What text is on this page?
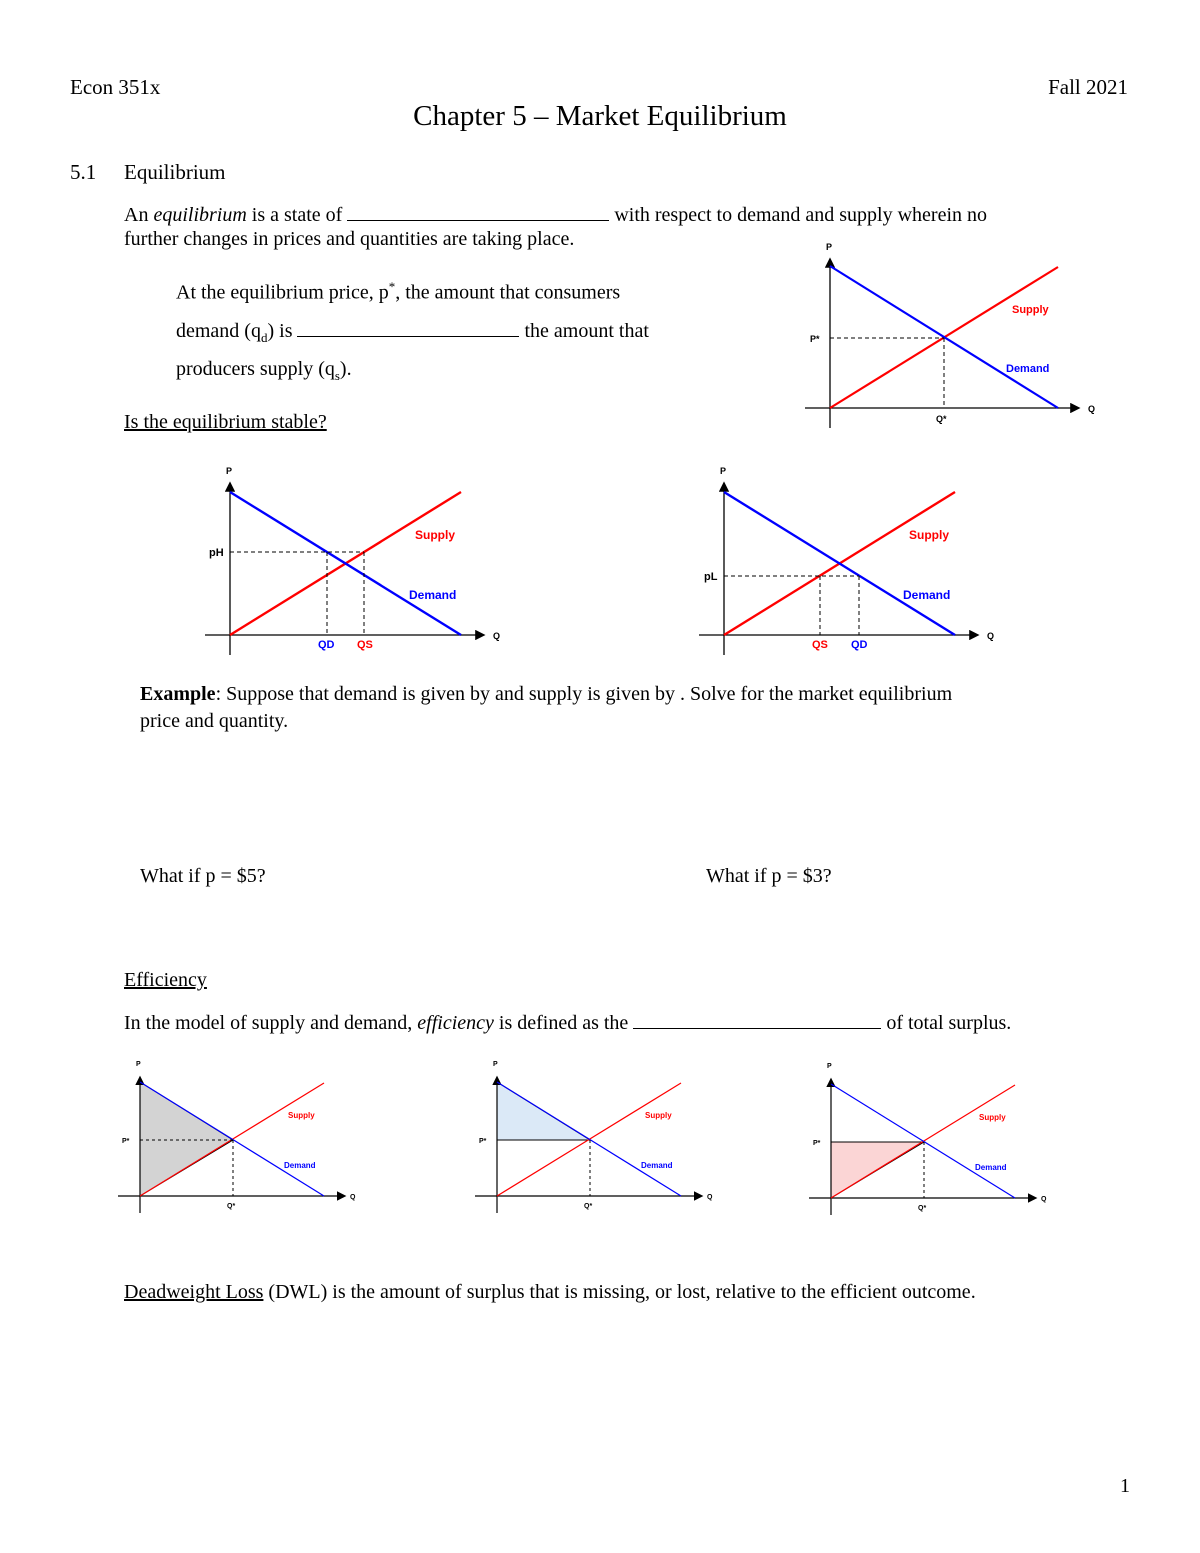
Econ 351x	Fall 2021
Chapter 5 – Market Equilibrium
5.1 Equilibrium
An equilibrium is a state of	with respect to demand and supply wherein no
further changes in prices and quantities are taking place.
At the equilibrium price, p*, the amount that consumers
demand $(q_d)$ is	the amount that
producers supply $(q_s)$.
Is the equilibrium stable?
P
Q
P*
Q*
Supply
Demand
P
Q
pH
QD QS
Supply
Demand
P
Q
pL
QS QD
Supply
Demand
Example: Suppose that demand is given by and supply is given by . Solve for the market equilibrium
price and quantity.
What if p = $5?	What if p = $3?
Efficiency
In the model of supply and demand, efficiency is defined as the	of total surplus.
P
Q
P*
Q*
Supply
Demand
P
Q
P*
Q*
Supply
Demand
P
Q
P*
Q*
Supply
Demand
Deadweight Loss (DWL) is the amount of surplus that is missing, or lost, relative to the efficient outcome.
1
